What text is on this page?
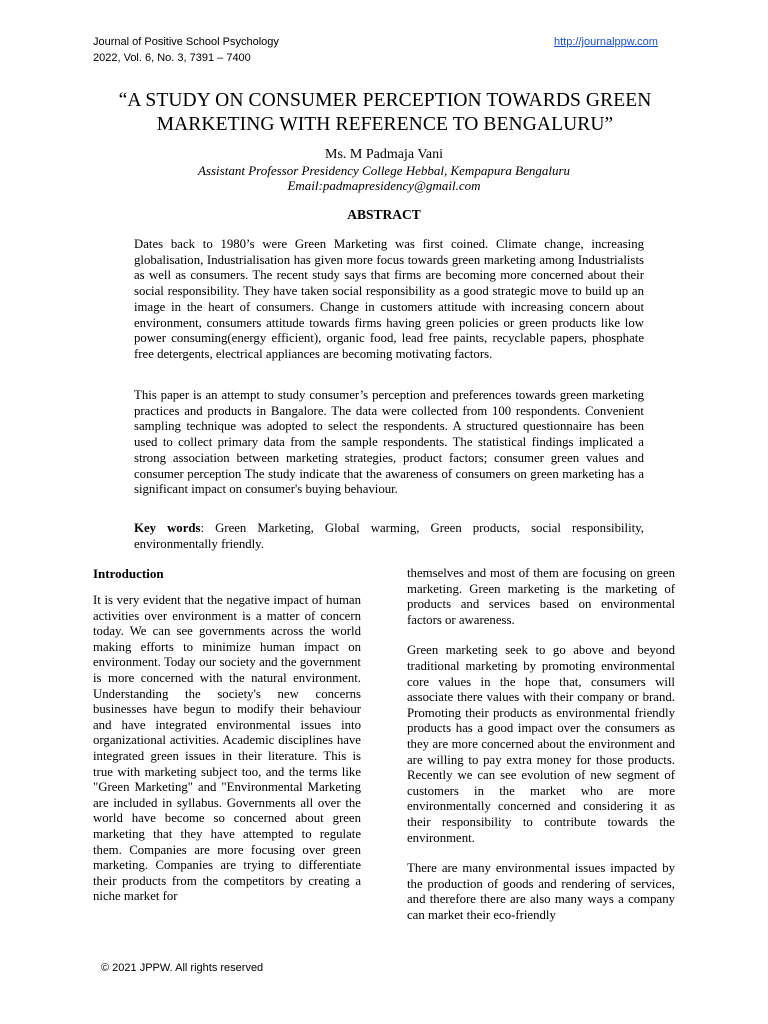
Journal of Positive School Psychology
2022, Vol. 6, No. 3, 7391 – 7400
http://journalppw.com
“A STUDY ON CONSUMER PERCEPTION TOWARDS GREEN MARKETING WITH REFERENCE TO BENGALURU”
Ms. M Padmaja Vani
Assistant Professor Presidency College Hebbal, Kempapura Bengaluru
Email:padmapresidency@gmail.com
ABSTRACT

Dates back to 1980’s were Green Marketing was first coined. Climate change, increasing globalisation, Industrialisation has given more focus towards green marketing among Industrialists as well as consumers. The recent study says that firms are becoming more concerned about their social responsibility. They have taken social responsibility as a good strategic move to build up an image in the heart of consumers. Change in customers attitude with increasing concern about environment, consumers attitude towards firms having green policies or green products like low power consuming(energy efficient), organic food, lead free paints, recyclable papers, phosphate free detergents, electrical appliances are becoming motivating factors.

This paper is an attempt to study consumer’s perception and preferences towards green marketing practices and products in Bangalore. The data were collected from 100 respondents. Convenient sampling technique was adopted to select the respondents. A structured questionnaire has been used to collect primary data from the sample respondents. The statistical findings implicated a strong association between marketing strategies, product factors; consumer green values and consumer perception The study indicate that the awareness of consumers on green marketing has a significant impact on consumer's buying behaviour.

Key words: Green Marketing, Global warming, Green products, social responsibility, environmentally friendly.

Introduction

It is very evident that the negative impact of human activities over environment is a matter of concern today. We can see governments across the world making efforts to minimize human impact on environment. Today our society and the government is more concerned with the natural environment. Understanding the society's new concerns businesses have begun to modify their behaviour and have integrated environmental issues into organizational activities. Academic disciplines have integrated green issues in their literature. This is true with marketing subject too, and the terms like "Green Marketing" and "Environmental Marketing are included in syllabus. Governments all over the world have become so concerned about green marketing that they have attempted to regulate them. Companies are more focusing over green marketing. Companies are trying to differentiate their products from the competitors by creating a niche market for

themselves and most of them are focusing on green marketing. Green marketing is the marketing of products and services based on environmental factors or awareness.

Green marketing seek to go above and beyond traditional marketing by promoting environmental core values in the hope that, consumers will associate there values with their company or brand. Promoting their products as environmental friendly products has a good impact over the consumers as they are more concerned about the environment and are willing to pay extra money for those products. Recently we can see evolution of new segment of customers in the market who are more environmentally concerned and considering it as their responsibility to contribute towards the environment.

There are many environmental issues impacted by the production of goods and rendering of services, and therefore there are also many ways a company can market their eco-friendly

© 2021 JPPW. All rights reserved
